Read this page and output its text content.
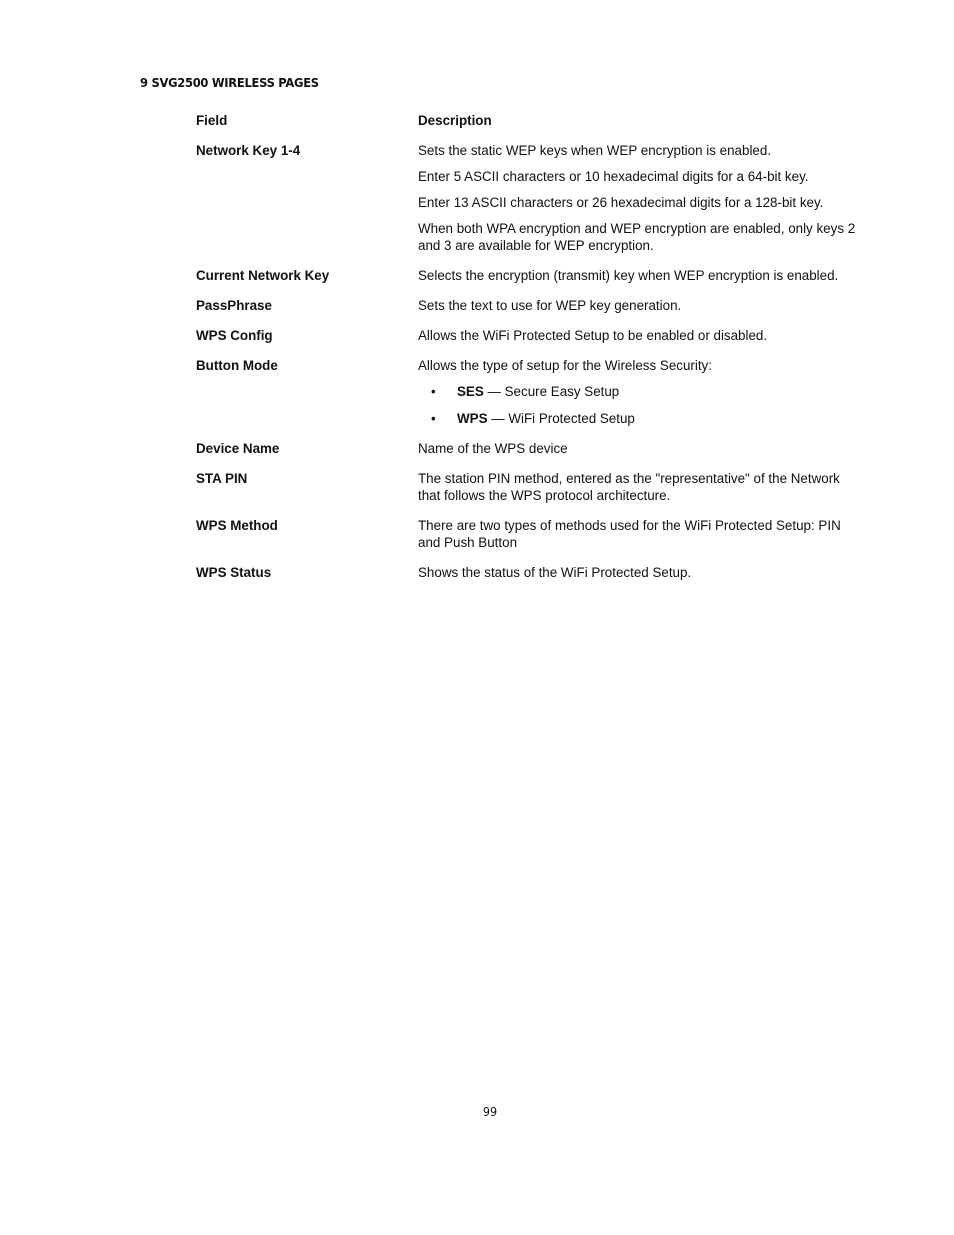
9 SVG2500 WIRELESS PAGES
Field	Description
Network Key 1-4	Sets the static WEP keys when WEP encryption is enabled.
Enter 5 ASCII characters or 10 hexadecimal digits for a 64-bit key.
Enter 13 ASCII characters or 26 hexadecimal digits for a 128-bit key.
When both WPA encryption and WEP encryption are enabled, only keys 2 and 3 are available for WEP encryption.
Current Network Key	Selects the encryption (transmit) key when WEP encryption is enabled.
PassPhrase	Sets the text to use for WEP key generation.
WPS Config	Allows the WiFi Protected Setup to be enabled or disabled.
Button Mode	Allows the type of setup for the Wireless Security:
• SES — Secure Easy Setup
• WPS — WiFi Protected Setup
Device Name	Name of the WPS device
STA PIN	The station PIN method, entered as the "representative" of the Network that follows the WPS protocol architecture.
WPS Method	There are two types of methods used for the WiFi Protected Setup: PIN and Push Button
WPS Status	Shows the status of the WiFi Protected Setup.
99
